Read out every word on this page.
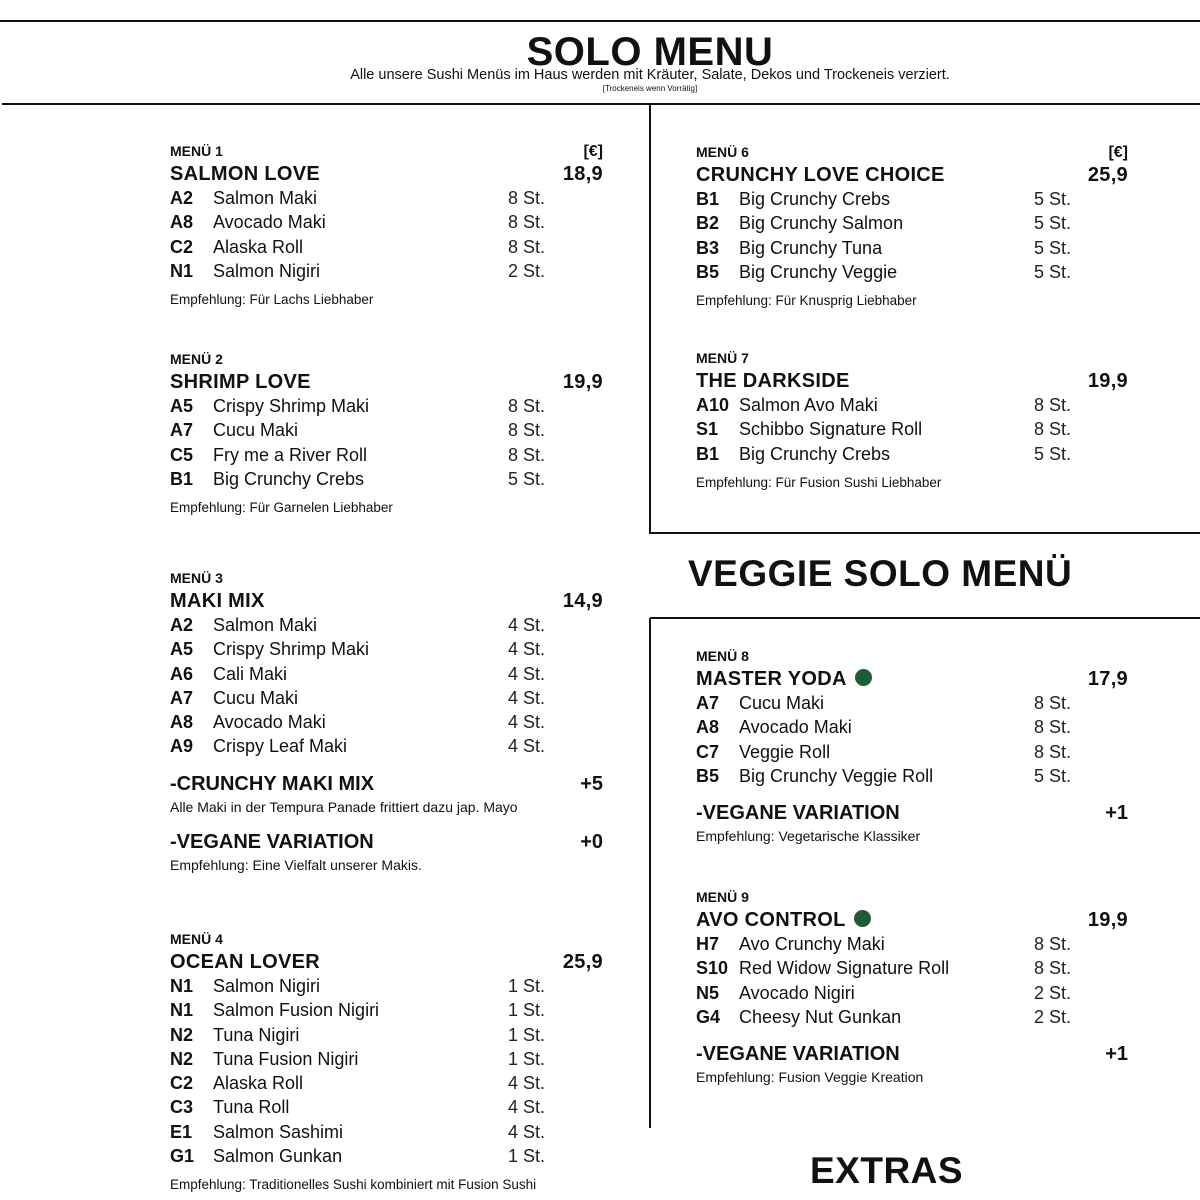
SOLO MENU
Alle unsere Sushi Menüs im Haus werden mit Kräuter, Salate, Dekos und Trockeneis verziert.
[Trockeneis wenn Vorrätig]
VEGGIE SOLO MENÜ
EXTRAS
MENÜ 1	[€]
SALMON LOVE	18,9
A2 Salmon Maki	8 St.
A8 Avocado Maki	8 St.
C2 Alaska Roll	8 St.
N1 Salmon Nigiri	2 St.
Empfehlung: Für Lachs Liebhaber
MENÜ 2
SHRIMP LOVE	19,9
A5 Crispy Shrimp Maki	8 St.
A7 Cucu Maki	8 St.
C5 Fry me a River Roll	8 St.
B1 Big Crunchy Crebs	5 St.
Empfehlung: Für Garnelen Liebhaber
MENÜ 3
MAKI MIX	14,9
A2 Salmon Maki	4 St.
A5 Crispy Shrimp Maki	4 St.
A6 Cali Maki	4 St.
A7 Cucu Maki	4 St.
A8 Avocado Maki	4 St.
A9 Crispy Leaf Maki	4 St.
-CRUNCHY MAKI MIX	+5
Alle Maki in der Tempura Panade frittiert dazu jap. Mayo
-VEGANE VARIATION	+0
Empfehlung: Eine Vielfalt unserer Makis.
MENÜ 4
OCEAN LOVER	25,9
N1 Salmon Nigiri	1 St.
N1 Salmon Fusion Nigiri	1 St.
N2 Tuna Nigiri	1 St.
N2 Tuna Fusion Nigiri	1 St.
C2 Alaska Roll	4 St.
C3 Tuna Roll	4 St.
E1 Salmon Sashimi	4 St.
G1 Salmon Gunkan	1 St.
Empfehlung: Traditionelles Sushi kombiniert mit Fusion Sushi
MENÜ 6	[€]
CRUNCHY LOVE CHOICE	25,9
B1 Big Crunchy Crebs	5 St.
B2 Big Crunchy Salmon	5 St.
B3 Big Crunchy Tuna	5 St.
B5 Big Crunchy Veggie	5 St.
Empfehlung: Für Knusprig Liebhaber
MENÜ 7
THE DARKSIDE	19,9
A10 Salmon Avo Maki	8 St.
S1 Schibbo Signature Roll	8 St.
B1 Big Crunchy Crebs	5 St.
Empfehlung: Für Fusion Sushi Liebhaber
MENÜ 8
MASTER YODA	17,9
A7 Cucu Maki	8 St.
A8 Avocado Maki	8 St.
C7 Veggie Roll	8 St.
B5 Big Crunchy Veggie Roll	5 St.
-VEGANE VARIATION	+1
Empfehlung: Vegetarische Klassiker
MENÜ 9
AVO CONTROL	19,9
H7 Avo Crunchy Maki	8 St.
S10 Red Widow Signature Roll	8 St.
N5 Avocado Nigiri	2 St.
G4 Cheesy Nut Gunkan	2 St.
-VEGANE VARIATION	+1
Empfehlung: Fusion Veggie Kreation
